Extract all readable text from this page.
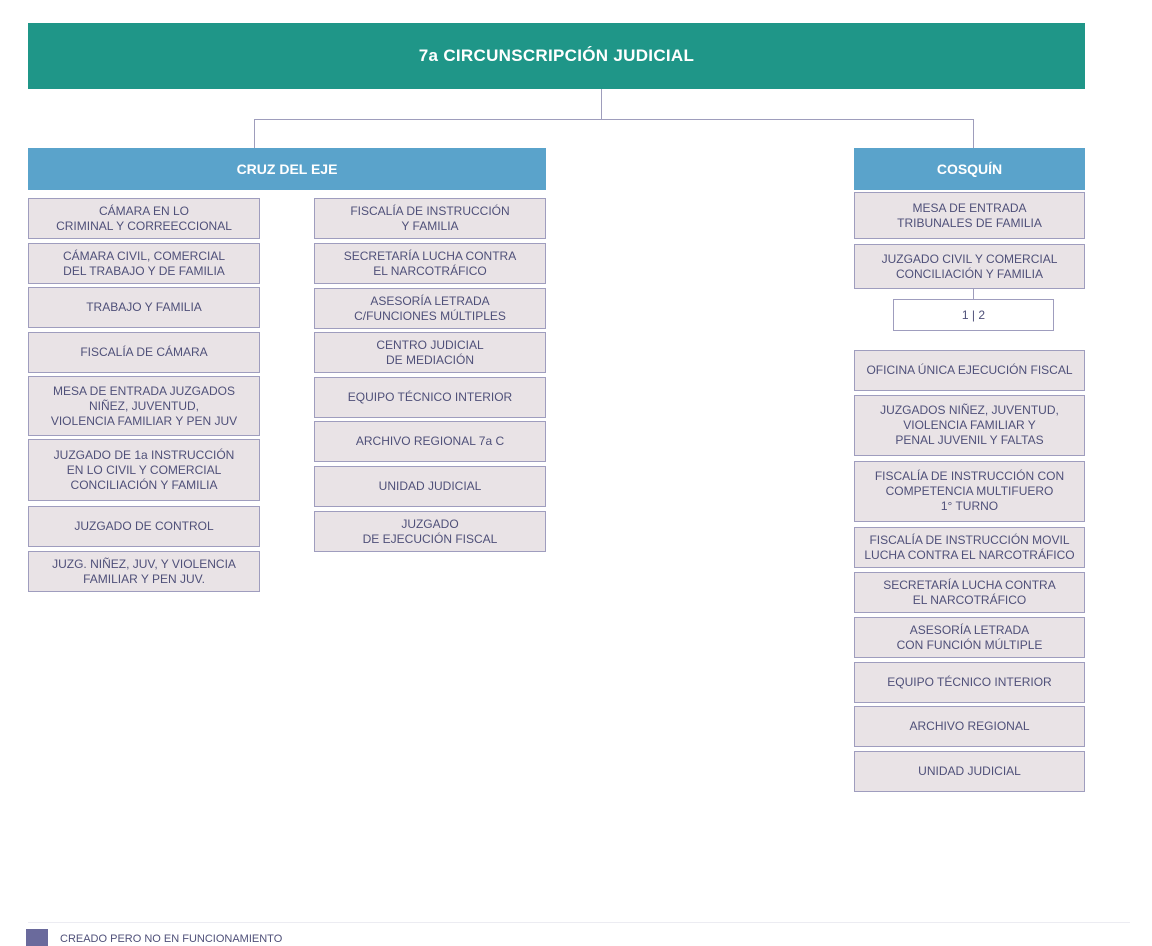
7a CIRCUNSCRIPCIÓN JUDICIAL
CRUZ DEL EJE	COSQUÍN
CÁMARA EN LO
CRIMINAL Y CORREECCIONAL
CÁMARA CIVIL, COMERCIAL
DEL TRABAJO Y DE FAMILIA
TRABAJO Y FAMILIA
FISCALÍA DE CÁMARA
MESA DE ENTRADA JUZGADOS
NIÑEZ, JUVENTUD,
VIOLENCIA FAMILIAR Y PEN JUV
JUZGADO DE 1a INSTRUCCIÓN
EN LO CIVIL Y COMERCIAL
CONCILIACIÓN Y FAMILIA
JUZGADO DE CONTROL
JUZG. NIÑEZ, JUV, Y VIOLENCIA
FAMILIAR Y PEN JUV.
FISCALÍA DE INSTRUCCIÓN
Y FAMILIA
SECRETARÍA LUCHA CONTRA
EL NARCOTRÁFICO
ASESORÍA LETRADA
C/FUNCIONES MÚLTIPLES
CENTRO JUDICIAL
DE MEDIACIÓN
EQUIPO TÉCNICO INTERIOR
ARCHIVO REGIONAL 7a C
UNIDAD JUDICIAL
JUZGADO
DE EJECUCIÓN FISCAL
MESA DE ENTRADA
TRIBUNALES DE FAMILIA
JUZGADO CIVIL Y COMERCIAL
CONCILIACIÓN Y FAMILIA
1 | 2
OFICINA ÚNICA EJECUCIÓN FISCAL
JUZGADOS NIÑEZ, JUVENTUD,
VIOLENCIA FAMILIAR Y
PENAL JUVENIL Y FALTAS
FISCALÍA DE INSTRUCCIÓN CON
COMPETENCIA MULTIFUERO
1° TURNO
FISCALÍA DE INSTRUCCIÓN MOVIL
LUCHA CONTRA EL NARCOTRÁFICO
SECRETARÍA LUCHA CONTRA
EL NARCOTRÁFICO
ASESORÍA LETRADA
CON FUNCIÓN MÚLTIPLE
EQUIPO TÉCNICO INTERIOR
ARCHIVO REGIONAL
UNIDAD JUDICIAL
CREADO PERO NO EN FUNCIONAMIENTO
